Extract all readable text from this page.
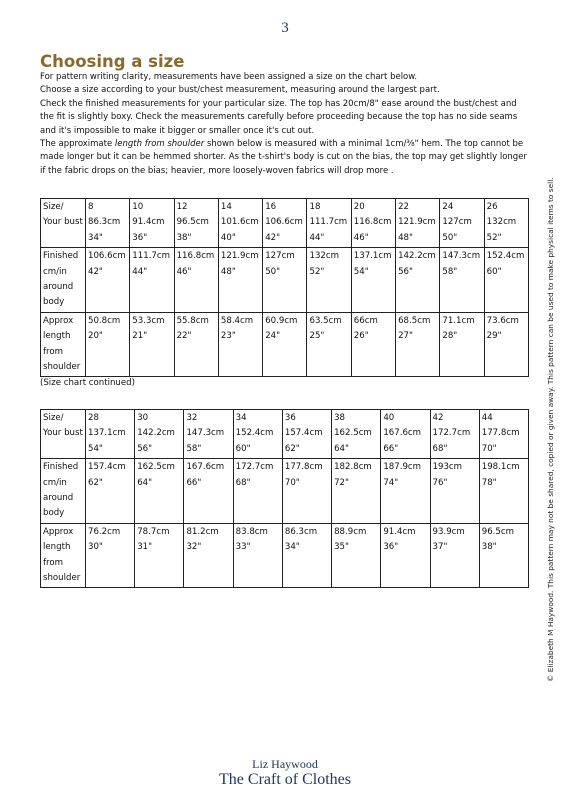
3
Choosing a size

For pattern writing clarity, measurements have been assigned a size on the chart below.

Choose a size according to your bust/chest measurement, measuring around the largest part.

Check the finished measurements for your particular size. The top has 20cm/8" ease around the bust/chest and the fit is slightly boxy. Check the measurements carefully before proceeding because the top has no side seams and it's impossible to make it bigger or smaller once it's cut out.

The approximate length from shoulder shown below is measured with a minimal 1cm/⅜" hem. The top cannot be made longer but it can be hemmed shorter. As the t-shirt's body is cut on the bias, the top may get slightly longer if the fabric drops on the bias; heavier, more loosely-woven fabrics will drop more .

Size/ Your bust	8
86.3cm
34"	10
91.4cm
36"	12
96.5cm
38"	14
101.6cm
40"	16
106.6cm
42"	18
111.7cm
44"	20
116.8cm
46"	22
121.9cm
48"	24
127cm
50"	26
132cm
52"

Finished cm/in around body	106.6cm
42"	111.7cm
44"	116.8cm
46"	121.9cm
48"	127cm
50"	132cm
52"	137.1cm
54"	142.2cm
56"	147.3cm
58"	152.4cm
60"

Approx length from shoulder	50.8cm
20"	53.3cm
21"	55.8cm
22"	58.4cm
23"	60.9cm
24"	63.5cm
25"	66cm
26"	68.5cm
27"	71.1cm
28"	73.6cm
29"
(Size chart continued)
Size/ Your bust	28
137.1cm
54"	30
142.2cm
56"	32
147.3cm
58"	34
152.4cm
60"	36
157.4cm
62"	38
162.5cm
64"	40
167.6cm
66"	42
172.7cm
68"	44
177.8cm
70"

Finished cm/in around body	157.4cm
62"	162.5cm
64"	167.6cm
66"	172.7cm
68"	177.8cm
70"	182.8cm
72"	187.9cm
74"	193cm
76"	198.1cm
78"

Approx length from shoulder	76.2cm
30"	78.7cm
31"	81.2cm
32"	83.8cm
33"	86.3cm
34"	88.9cm
35"	91.4cm
36"	93.9cm
37"	96.5cm
38"	© Elizabeth M Haywood. This pattern may not be shared, copied or given away. This pattern can be used to make physical items to sell.
Liz Haywood
The Craft of Clothes
